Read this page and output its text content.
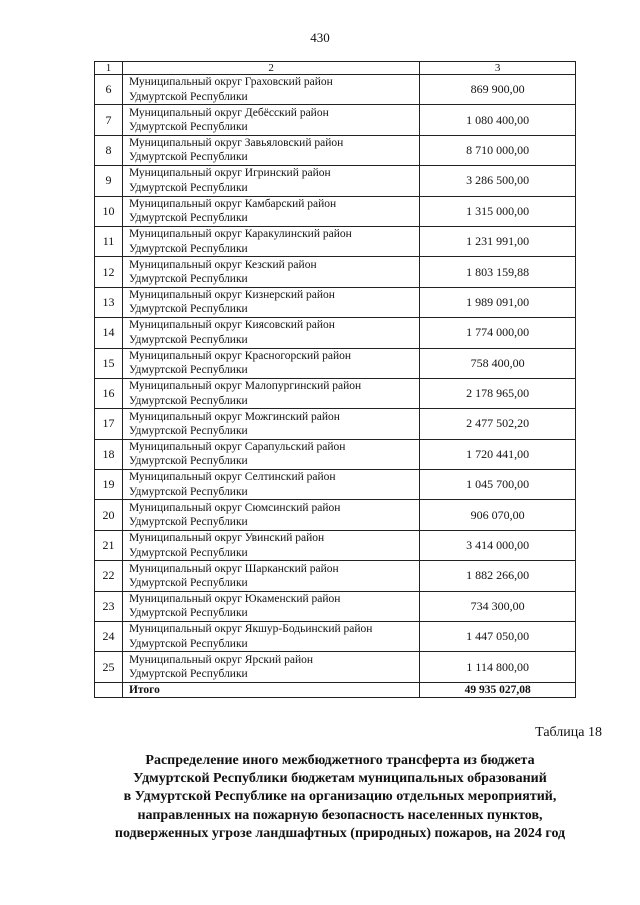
430
1	2	3
6	Муниципальный округ Граховский район
Удмуртской Республики	869 900,00
7	Муниципальный округ Дебёсский район
Удмуртской Республики	1 080 400,00
8	Муниципальный округ Завьяловский район
Удмуртской Республики	8 710 000,00
9	Муниципальный округ Игринский район
Удмуртской Республики	3 286 500,00
10	Муниципальный округ Камбарский район
Удмуртской Республики	1 315 000,00
11	Муниципальный округ Каракулинский район
Удмуртской Республики	1 231 991,00
12	Муниципальный округ Кезский район
Удмуртской Республики	1 803 159,88
13	Муниципальный округ Кизнерский район
Удмуртской Республики	1 989 091,00
14	Муниципальный округ Киясовский район
Удмуртской Республики	1 774 000,00
15	Муниципальный округ Красногорский район
Удмуртской Республики	758 400,00
16	Муниципальный округ Малопургинский район
Удмуртской Республики	2 178 965,00
17	Муниципальный округ Можгинский район
Удмуртской Республики	2 477 502,20
18	Муниципальный округ Сарапульский район
Удмуртской Республики	1 720 441,00
19	Муниципальный округ Селтинский район
Удмуртской Республики	1 045 700,00
20	Муниципальный округ Сюмсинский район
Удмуртской Республики	906 070,00
21	Муниципальный округ Увинский район
Удмуртской Республики	3 414 000,00
22	Муниципальный округ Шарканский район
Удмуртской Республики	1 882 266,00
23	Муниципальный округ Юкаменский район
Удмуртской Республики	734 300,00
24	Муниципальный округ Якшур-Бодьинский район
Удмуртской Республики	1 447 050,00
25	Муниципальный округ Ярский район
Удмуртской Республики	1 114 800,00
	Итого	49 935 027,08
Таблица 18
Распределение иного межбюджетного трансферта из бюджета
Удмуртской Республики бюджетам муниципальных образований
в Удмуртской Республике на организацию отдельных мероприятий,
направленных на пожарную безопасность населенных пунктов,
подверженных угрозе ландшафтных (природных) пожаров, на 2024 год
